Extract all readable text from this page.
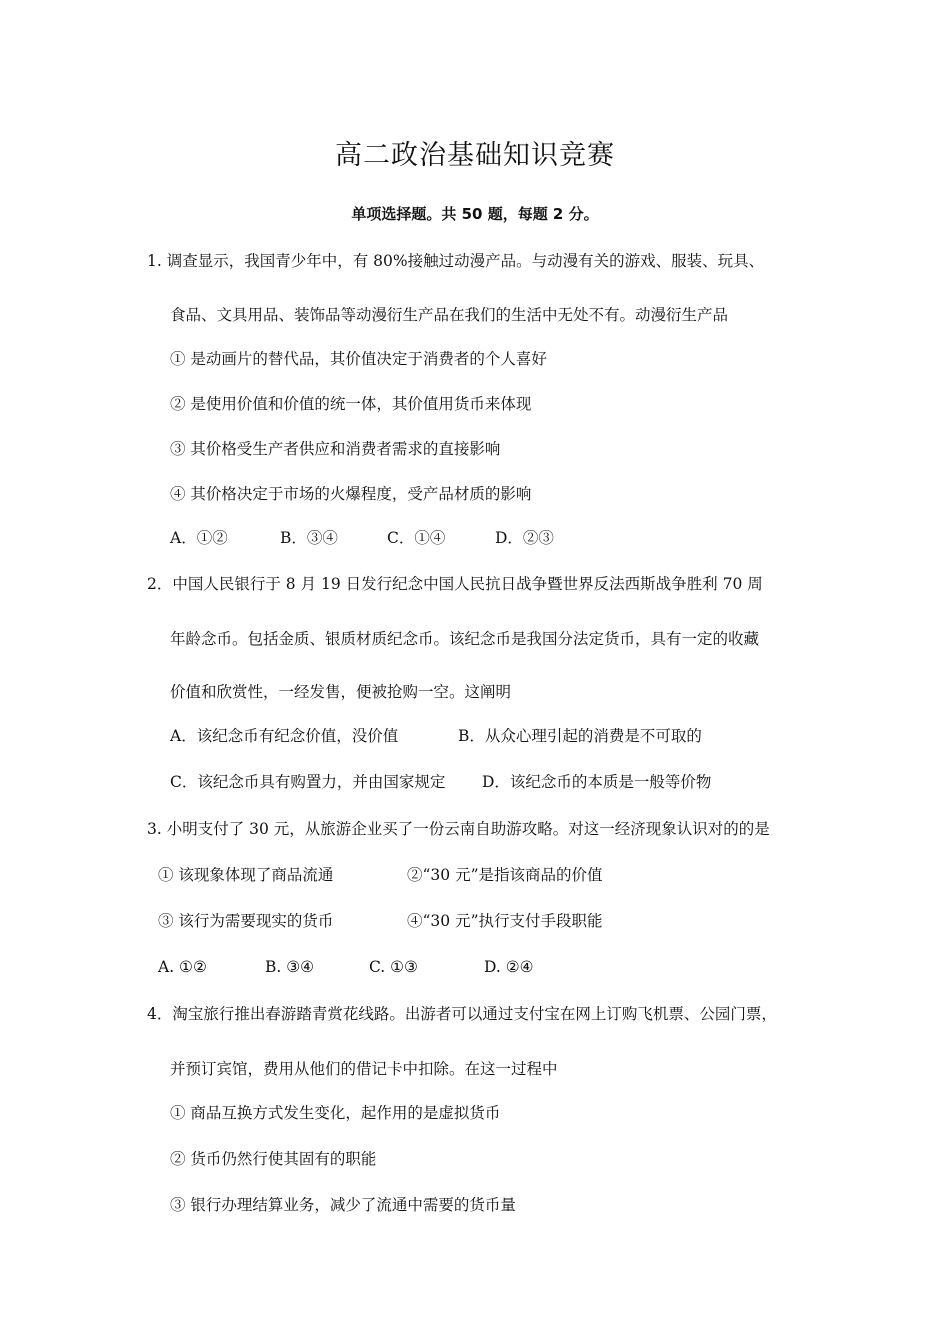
高二政治基础知识竞赛
单项选择题。共 50 题，每题 2 分。
1. 调查显示，我国青少年中，有 80%接触过动漫产品。与动漫有关的游戏、服装、玩具、
食品、文具用品、装饰品等动漫衍生产品在我们的生活中无处不有。动漫衍生产品
① 是动画片的替代品，其价值决定于消费者的个人喜好
② 是使用价值和价值的统一体，其价值用货币来体现
③ 其价格受生产者供应和消费者需求的直接影响
④ 其价格决定于市场的火爆程度，受产品材质的影响
A．①②	B．③④	C．①④	D．②③
2．中国人民银行于 8 月 19 日发行纪念中国人民抗日战争暨世界反法西斯战争胜利 70 周
年龄念币。包括金质、银质材质纪念币。该纪念币是我国分法定货币，具有一定的收藏
价值和欣赏性，一经发售，便被抢购一空。这阐明
A．该纪念币有纪念价值，没价值	B．从众心理引起的消费是不可取的
C．该纪念币具有购置力，并由国家规定 D．该纪念币的本质是一般等价物
3. 小明支付了 30 元，从旅游企业买了一份云南自助游攻略。对这一经济现象认识对的的是
① 该现象体现了商品流通	②“30 元”是指该商品的价值
③ 该行为需要现实的货币	④“30 元”执行支付手段职能
A. ①②	B. ③④	C. ①③	D. ②④
4．淘宝旅行推出春游踏青赏花线路。出游者可以通过支付宝在网上订购飞机票、公园门票，
并预订宾馆，费用从他们的借记卡中扣除。在这一过程中
① 商品互换方式发生变化，起作用的是虚拟货币
② 货币仍然行使其固有的职能
③ 银行办理结算业务，减少了流通中需要的货币量
